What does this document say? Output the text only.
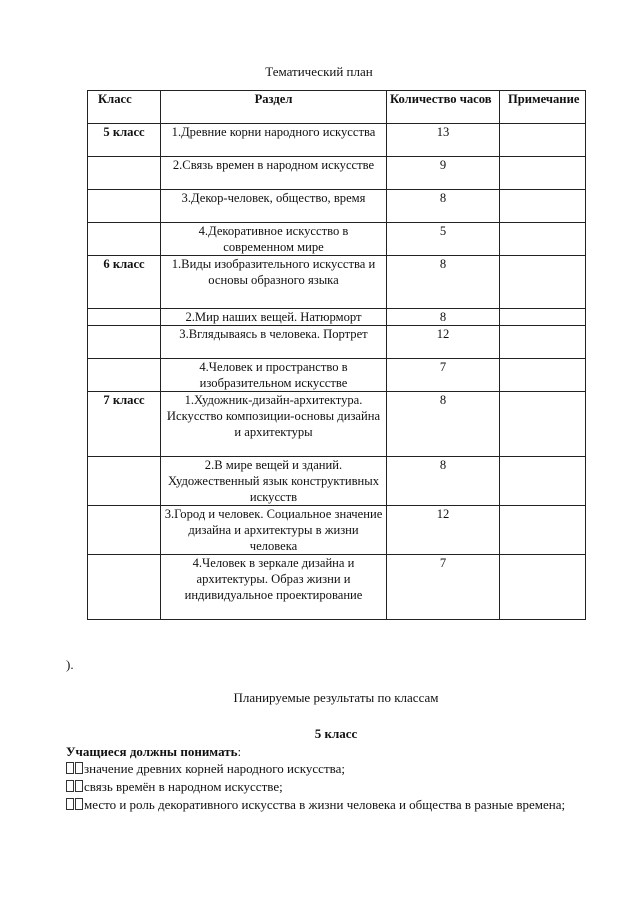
Тематический план
Класс	Раздел	Количество часов	Примечание
5 класс	1.Древние корни народного искусства	13	
	2.Связь времен в народном искусстве	9	
	3.Декор-человек, общество, время	8	
	4.Декоративное искусство в современном мире	5	
6 класс	1.Виды изобразительного искусства и основы образного языка	8	
	2.Мир наших вещей. Натюрморт	8	
	3.Вглядываясь в человека. Портрет	12	
	4.Человек и пространство в изобразительном искусстве	7	
7 класс	1.Художник-дизайн-архитектура. Искусство композиции-основы дизайна и архитектуры	8	
	2.В мире вещей и зданий. Художественный язык конструктивных искусств	8	
	3.Город и человек. Социальное значение дизайна и архитектуры в жизни человека	12	
	4.Человек в зеркале дизайна и архитектуры. Образ жизни и индивидуальное проектирование	7	
).
Планируемые результаты по классам
5 класс
Учащиеся должны понимать:
значение древних корней народного искусства;
связь времён в народном искусстве;
место и роль декоративного искусства в жизни человека и общества в разные времена;
